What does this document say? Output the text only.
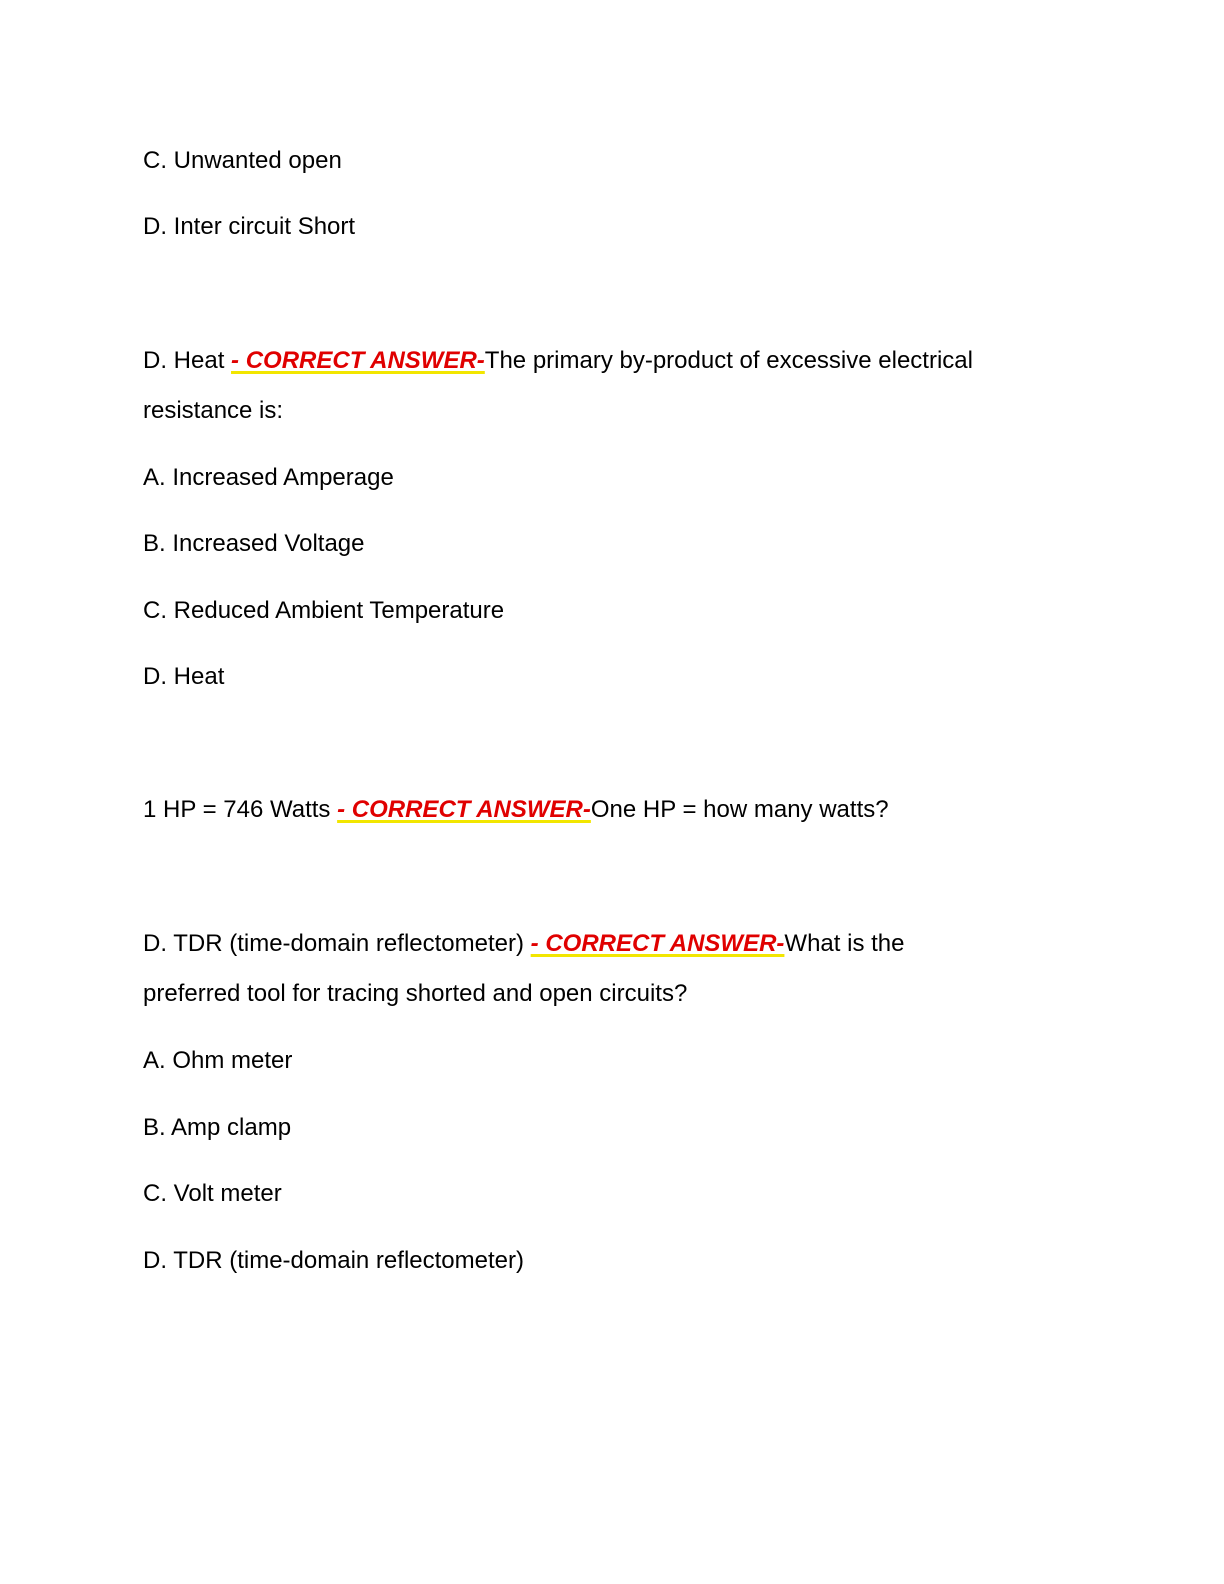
C. Unwanted open
D. Inter circuit Short
D. Heat - CORRECT ANSWER-The primary by-product of excessive electrical
resistance is:
A. Increased Amperage
B. Increased Voltage
C. Reduced Ambient Temperature
D. Heat
1 HP = 746 Watts - CORRECT ANSWER-One HP = how many watts?
D. TDR (time-domain reflectometer) - CORRECT ANSWER-What is the
preferred tool for tracing shorted and open circuits?
A. Ohm meter
B. Amp clamp
C. Volt meter
D. TDR (time-domain reflectometer)
